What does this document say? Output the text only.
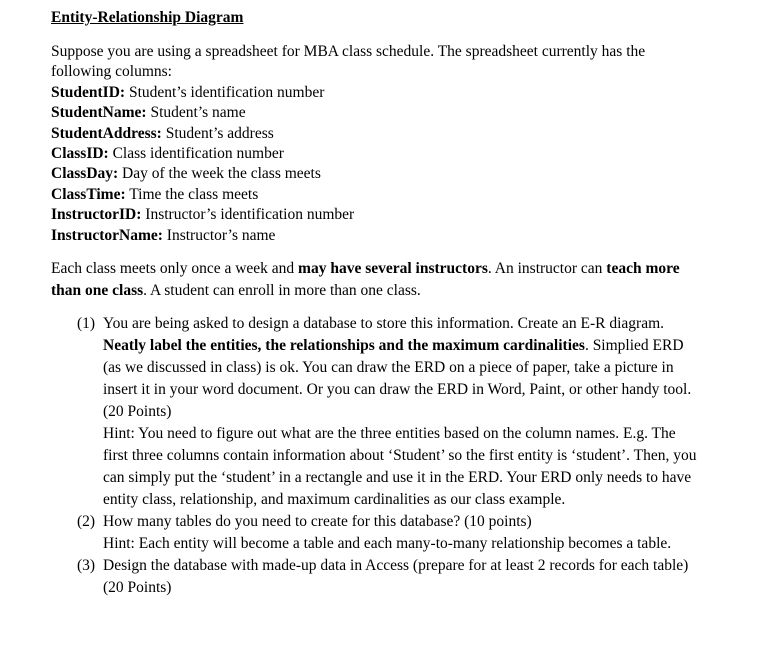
Entity-Relationship Diagram

Suppose you are using a spreadsheet for MBA class schedule. The spreadsheet currently has the following columns:

StudentID: Student’s identification number
StudentName: Student’s name
StudentAddress: Student’s address
ClassID: Class identification number
ClassDay: Day of the week the class meets
ClassTime: Time the class meets
InstructorID: Instructor’s identification number
InstructorName: Instructor’s name

Each class meets only once a week and may have several instructors. An instructor can teach more than one class. A student can enroll in more than one class.

(1) You are being asked to design a database to store this information. Create an E-R diagram. Neatly label the entities, the relationships and the maximum cardinalities. Simplied ERD (as we discussed in class) is ok. You can draw the ERD on a piece of paper, take a picture in insert it in your word document. Or you can draw the ERD in Word, Paint, or other handy tool. (20 Points)
Hint: You need to figure out what are the three entities based on the column names. E.g. The first three columns contain information about ‘Student’ so the first entity is ‘student’. Then, you can simply put the ‘student’ in a rectangle and use it in the ERD. Your ERD only needs to have entity class, relationship, and maximum cardinalities as our class example.
(2) How many tables do you need to create for this database? (10 points)
Hint: Each entity will become a table and each many-to-many relationship becomes a table.
(3) Design the database with made-up data in Access (prepare for at least 2 records for each table) (20 Points)
